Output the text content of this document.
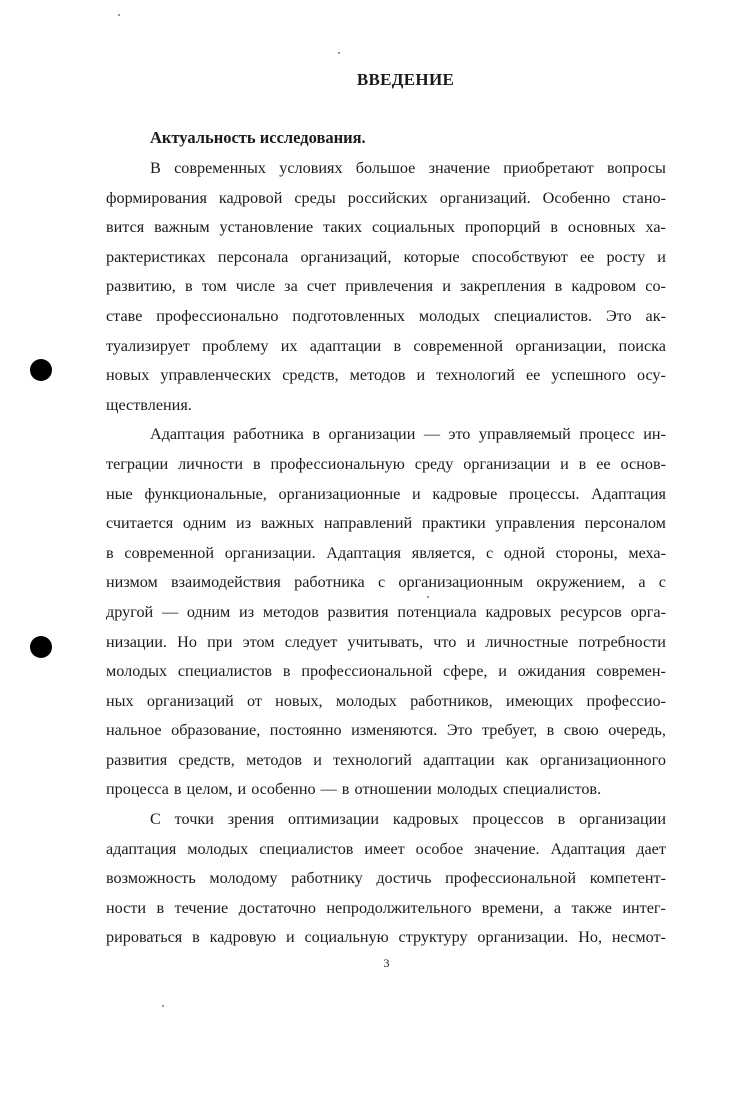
ВВЕДЕНИЕ
Актуальность исследования.
В современных условиях большое значение приобретают вопросы
формирования кадровой среды российских организаций. Особенно стано-
вится важным установление таких социальных пропорций в основных ха-
рактеристиках персонала организаций, которые способствуют ее росту и
развитию, в том числе за счет привлечения и закрепления в кадровом со-
ставе профессионально подготовленных молодых специалистов. Это ак-
туализирует проблему их адаптации в современной организации, поиска
новых управленческих средств, методов и технологий ее успешного осу-
ществления.
Адаптация работника в организации — это управляемый процесс ин-
теграции личности в профессиональную среду организации и в ее основ-
ные функциональные, организационные и кадровые процессы. Адаптация
считается одним из важных направлений практики управления персоналом
в современной организации. Адаптация является, с одной стороны, меха-
низмом взаимодействия работника с организационным окружением, а с
другой — одним из методов развития потенциала кадровых ресурсов орга-
низации. Но при этом следует учитывать, что и личностные потребности
молодых специалистов в профессиональной сфере, и ожидания современ-
ных организаций от новых, молодых работников, имеющих профессио-
нальное образование, постоянно изменяются. Это требует, в свою очередь,
развития средств, методов и технологий адаптации как организационного
процесса в целом, и особенно — в отношении молодых специалистов.
С точки зрения оптимизации кадровых процессов в организации
адаптация молодых специалистов имеет особое значение. Адаптация дает
возможность молодому работнику достичь профессиональной компетент-
ности в течение достаточно непродолжительного времени, а также интег-
рироваться в кадровую и социальную структуру организации. Но, несмот-
3
